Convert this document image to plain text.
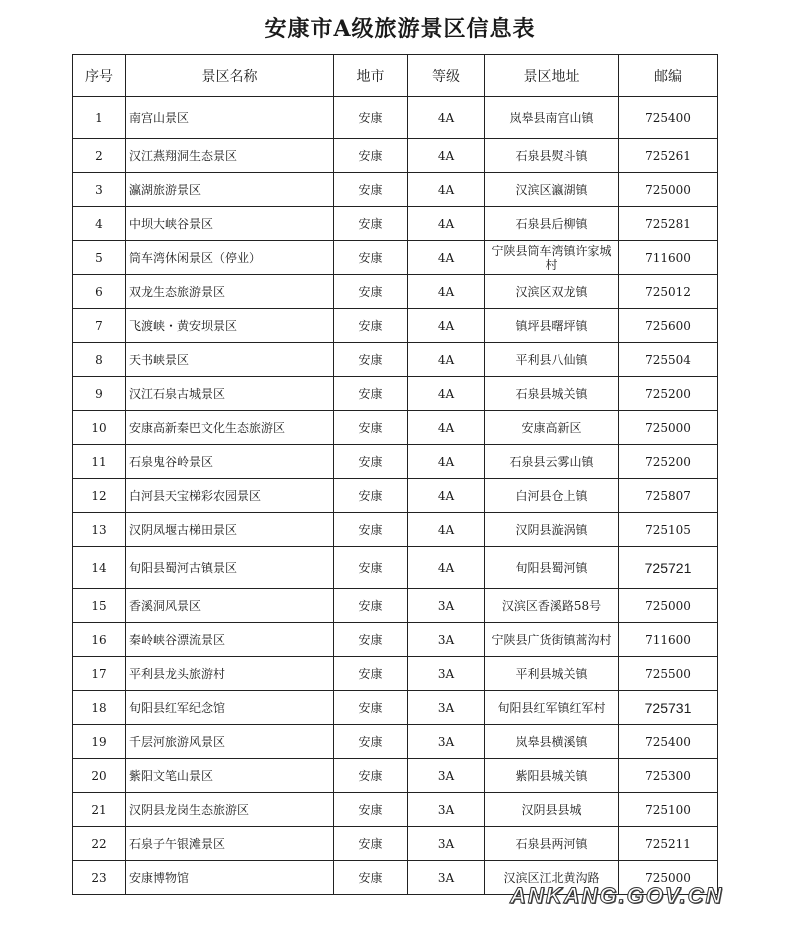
安康市A级旅游景区信息表
序号	景区名称	地市	等级	景区地址	邮编
1	南宫山景区	安康	4A	岚皋县南宫山镇	725400
2	汉江燕翔洞生态景区	安康	4A	石泉县熨斗镇	725261
3	瀛湖旅游景区	安康	4A	汉滨区瀛湖镇	725000
4	中坝大峡谷景区	安康	4A	石泉县后柳镇	725281
5	筒车湾休闲景区（停业）	安康	4A	宁陕县筒车湾镇许家城村	711600
6	双龙生态旅游景区	安康	4A	汉滨区双龙镇	725012
7	飞渡峡・黄安坝景区	安康	4A	镇坪县曙坪镇	725600
8	天书峡景区	安康	4A	平利县八仙镇	725504
9	汉江石泉古城景区	安康	4A	石泉县城关镇	725200
10	安康高新秦巴文化生态旅游区	安康	4A	安康高新区	725000
11	石泉鬼谷岭景区	安康	4A	石泉县云雾山镇	725200
12	白河县天宝梯彩农园景区	安康	4A	白河县仓上镇	725807
13	汉阴凤堰古梯田景区	安康	4A	汉阴县漩涡镇	725105
14	旬阳县蜀河古镇景区	安康	4A	旬阳县蜀河镇	725721
15	香溪洞风景区	安康	3A	汉滨区香溪路58号	725000
16	秦岭峡谷漂流景区	安康	3A	宁陕县广货街镇蒿沟村	711600
17	平利县龙头旅游村	安康	3A	平利县城关镇	725500
18	旬阳县红军纪念馆	安康	3A	旬阳县红军镇红军村	725731
19	千层河旅游风景区	安康	3A	岚皋县横溪镇	725400
20	紫阳文笔山景区	安康	3A	紫阳县城关镇	725300
21	汉阴县龙岗生态旅游区	安康	3A	汉阴县县城	725100
22	石泉子午银滩景区	安康	3A	石泉县两河镇	725211
23	安康博物馆	安康	3A	汉滨区江北黄沟路	725000
ANKANG.GOV.CN
